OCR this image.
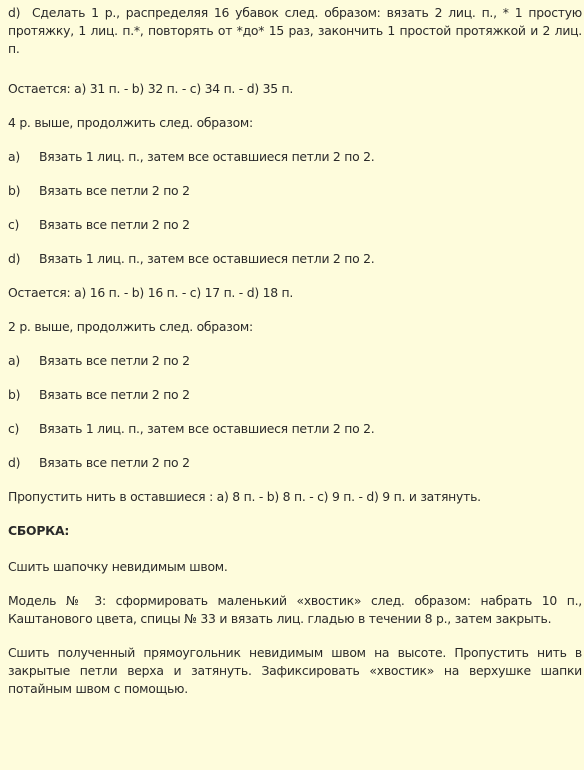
d) Сделать 1 р., распределяя 16 убавок след. образом: вязать 2 лиц. п., * 1 простую протяжку, 1 лиц. п.*, повторять от *до* 15 раз, закончить 1 простой протяжкой и 2 лиц. п.

Остается: a) 31 п. - b) 32 п. - c) 34 п. - d) 35 п.

4 р. выше, продолжить след. образом:

a)	Вязать 1 лиц. п., затем все оставшиеся петли 2 по 2.
b)	Вязать все петли 2 по 2
c)	Вязать все петли 2 по 2
d)	Вязать 1 лиц. п., затем все оставшиеся петли 2 по 2.

Остается: a) 16 п. - b) 16 п. - c) 17 п. - d) 18 п.

2 р. выше, продолжить след. образом:

a)	Вязать все петли 2 по 2
b)	Вязать все петли 2 по 2
c)	Вязать 1 лиц. п., затем все оставшиеся петли 2 по 2.
d)	Вязать все петли 2 по 2

Пропустить нить в оставшиеся : a) 8 п. - b) 8 п. - c) 9 п. - d) 9 п. и затянуть.

СБОРКА:

Сшить шапочку невидимым швом.

Модель № 3: сформировать маленький «хвостик» след. образом: набрать 10 п., Каштанового цвета, спицы № 33 и вязать лиц. гладью в течении 8 р., затем закрыть.

Сшить полученный прямоугольник невидимым швом на высоте. Пропустить нить в закрытые петли верха и затянуть. Зафиксировать «хвостик» на верхушке шапки потайным швом с помощью.
